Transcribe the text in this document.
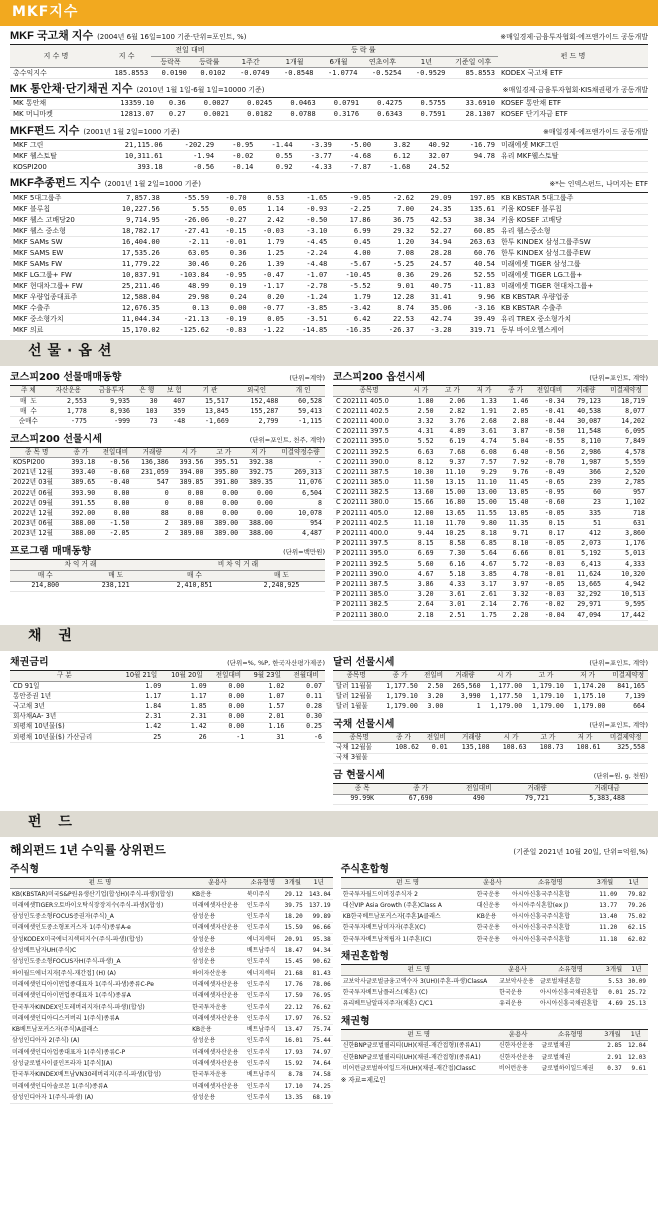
MKF지수
MKF 국고채 지수 (2004년 6월 16일=100 기준·단위=포인트, %)	※매일경제·금융투자협회·에프앤가이드 공동개발
지 수 명	지 수	전일 대비		등 락 률						펀 드 명
		등락폭	등락률	1주간	1개월	6개월	연초이후	1년	기준일 이후	
총수익지수	185.8553	0.0190	0.0102	-0.0749	-0.8548	-1.0774	-0.5254	-0.9529	85.8553	KODEX 국고채 ETF
MK 통안채·단기채권 지수 (2010년 1월 1일-6월 1일=10000 기준)	※매일경제·금융투자협회·KIS채권평가 공동개발
MK 통안채	13359.10	0.36	0.0027	0.0245	0.0463	0.0791	0.4275	0.5755	33.6910	KOSEF 통안채 ETF
MK 머니마켓	12813.07	0.27	0.0021	0.0182	0.0788	0.3176	0.6343	0.7591	28.1307	KOSEF 단기자금 ETF
MKF펀드 지수 (2001년 1월 2일=1000 기준)	※매일경제·에프앤가이드 공동개발
MKF 그린	21,115.06	-202.29	-0.95	-1.44	-3.39	-5.00	3.82	40.92	-16.79	미래에셋 MKF그린
MKF 웰스토탈	10,311.61	-1.94	-0.02	0.55	-3.77	-4.68	6.12	32.07	94.78	유리 MKF웰스토탈
KOSPI200	393.18	-0.56	-0.14	0.92	-4.33	-7.87	-1.68	24.52		
MKF추종펀드 지수 (2001년 1월 2일=1000 기준)	※*는 인덱스펀드, 나머지는 ETF
MKF 5대그룹주	7,857.38	-55.59	-0.70	0.53	-1.65	-9.05	-2.62	29.09	197.05	KB KBSTAR 5대그룹주
MKF 블루칩	10,227.56	5.55	0.05	1.14	-0.93	-2.25	7.00	24.35	135.61	키움 KOSEF 블루칩
MKF 웰스 고배당20	9,714.95	-26.06	-0.27	2.42	-0.50	17.86	36.75	42.53	38.34	키움 KOSEF 고배당
MKF 웰스 중소형	18,782.17	-27.41	-0.15	-0.03	-3.10	6.99	29.32	52.27	60.85	유리 웰스중소형
MKF SAMs SW	16,404.00	-2.11	-0.01	1.79	-4.45	0.45	1.20	34.94	263.63	한투 KINDEX 삼성그룹주SW
MKF SAMS EW	17,535.26	63.05	0.36	1.25	-2.24	4.00	7.08	28.28	60.76	한투 KINDEX 삼성그룹주EW
MKF SAMs FW	11,779.22	30.46	0.26	1.39	-4.48	-5.67	-5.25	24.57	40.54	미래에셋 TIGER 삼성그룹
MKF LG그룹+ FW	10,837.91	-103.84	-0.95	-0.47	-1.07	-10.45	0.36	29.26	52.55	미래에셋 TIGER LG그룹+
MKF 현대차그룹+ FW	25,211.46	48.99	0.19	-1.17	-2.78	-5.52	9.01	40.75	-11.83	미래에셋 TIGER 현대차그룹+
MKF 우량업종대표주	12,588.04	29.98	0.24	0.20	-1.24	1.79	12.28	31.41	9.96	KB KBSTAR 우량업종
MKF 수출주	12,676.35	0.13	0.00	-0.77	-3.85	-3.42	8.74	35.06	-3.16	KB KBSTAR 수출주
MKF 중소형가치	11,044.34	-21.13	-0.19	0.05	-3.51	6.42	22.53	42.74	39.49	유리 TREX 중소형가치
MKF 의료	15,170.02	-125.62	-0.83	-1.22	-14.85	-16.35	-26.37	-3.28	319.71	동부 바이오헬스케어
선물·옵션
코스피200 선물매매동향	(단위=계약)
주 체	자산운용	금융투자	은 행	보 험	기 관	외국인	개 인
매 도	2,553	9,935	30	407	15,517	152,488	60,528
매 수	1,778	8,936	103	359	13,845	155,287	59,413
순매수	-775	-999	73	-48	-1,669	2,799	-1,115
코스피200 선물시세	(단위=포인트, 천주, 계약)
종 목 명	종 가	전일대비	거래량	시 가	고 가	저 가	미결약정수량
KOSPI200	393.18	-0.56	136,386	393.56	395.51	392.38	-
2021년 12월	393.40	-0.60	231,059	394.00	395.80	392.75	269,313
2022년 03월	389.65	-0.40	547	389.85	391.80	389.35	11,076
2022년 06월	393.90	0.00	0	0.00	0.00	0.00	6,504
2022년 09월	391.55	0.00	0	0.00	0.00	0.00	8
2022년 12월	392.00	0.00	88	0.00	0.00	0.00	10,078
2023년 06월	388.00	-1.50	2	389.00	389.00	388.00	954
2023년 12월	388.00	-2.05	2	389.00	389.00	388.00	4,487
프로그램 매매동향	(단위=백만원)
차 익 거 래		비 차 익 거 래	
매 수	매 도	매 수	매 도
214,800	238,121	2,410,851	2,248,925
코스피200 옵션시세	(단위=포인트, 계약)
종목명	시 가	고 가	저 가	종 가	전일대비	거래량	미결제약정
C 202111 405.0	1.80	2.06	1.33	1.46	-0.34	79,123	18,719
C 202111 402.5	2.50	2.82	1.91	2.05	-0.41	40,538	8,077
C 202111 400.0	3.32	3.76	2.68	2.88	-0.44	30,087	14,202
C 202111 397.5	4.31	4.89	3.61	3.87	-0.50	11,548	6,095
C 202111 395.0	5.52	6.19	4.74	5.04	-0.55	8,110	7,849
C 202111 392.5	6.63	7.68	6.08	6.40	-0.56	2,986	4,578
C 202111 390.0	8.12	9.37	7.57	7.92	-0.70	1,987	5,559
C 202111 387.5	10.30	11.10	9.29	9.76	-0.49	366	2,520
C 202111 385.0	11.50	13.15	11.10	11.45	-0.65	239	2,785
C 202111 382.5	13.60	15.00	13.00	13.05	-0.95	60	957
C 202111 380.0	15.66	16.80	15.00	15.40	-0.60	23	1,102
P 202111 405.0	12.00	13.65	11.55	13.05	-0.05	335	718
P 202111 402.5	11.10	11.70	9.80	11.35	0.15	51	631
P 202111 400.0	9.44	10.25	8.18	9.71	0.17	412	3,860
P 202111 397.5	8.15	8.58	6.85	8.10	-0.05	2,073	1,176
P 202111 395.0	6.69	7.30	5.64	6.66	0.01	5,192	5,013
P 202111 392.5	5.60	6.16	4.67	5.72	-0.03	6,413	4,333
P 202111 390.0	4.67	5.18	3.85	4.78	-0.01	11,624	10,320
P 202111 387.5	3.86	4.33	3.17	3.97	-0.05	13,665	4,942
P 202111 385.0	3.20	3.61	2.61	3.32	-0.03	32,292	10,513
P 202111 382.5	2.64	3.01	2.14	2.76	-0.02	29,971	9,595
P 202111 380.0	2.18	2.51	1.75	2.28	-0.04	47,094	17,442
채 권
채권금리	(단위=%, %P, 한국자산평가제공)
구 분	10월 21일	10월 20일	전일대비	9월 23일	전월대비
CD 91일	1.09	1.09	0.00	1.02	0.07
통안증권 1년	1.17	1.17	0.00	1.07	0.11
국고채 3년	1.84	1.85	0.00	1.57	0.28
회사채AA- 3년	2.31	2.31	0.00	2.01	0.30
외평채 10년물($)	1.42	1.42	0.00	1.16	0.25
외평채 10년물($) 가산금리	25	26	-1	31	-6
달러 선물시세	(단위=포인트, 계약)
종목명	종 가	전일비	거래량	시 가	고 가	저 가	미결제약정
달러 11월물	1,177.50	2.50	265,560	1,177.00	1,179.10	1,174.20	841,165
달러 12월물	1,179.10	3.20	3,990	1,177.50	1,179.10	1,175.10	7,139
달러 1월물	1,179.00	3.00	1	1,179.00	1,179.00	1,179.00	664
국채 선물시세	(단위=포인트, 계약)
종목명	종 가	전일비	거래량	시 가	고 가	저 가	미결제약정
국채 12월물	108.62	0.01	135,108	108.63	108.73	108.61	325,558
국채 3월물							
금 현물시세	(단위=원, g, 천원)
종 목	종 가	전일대비	거래량	거래대금
99.99K	67,690	490	79,721	5,383,488
펀 드
해외펀드 1년 수익률 상위펀드	(기준일 2021년 10월 20일, 단위=억원,%)
주식형
펀 드 명	운용사	소유형명	3개월	1년
KB(KBSTAR)미국S&P원유생산기업(합성H)(주식-파생)(합성)	KB운용	북미주식	29.12	143.04
미래에셋TIGER오토바이오탁식장장지수(주식-파생)(합성)	미래에셋자산운용	인도주식	39.75	137.19
삼성인도중소형FOCUS증권자(주식)_A	삼성운용	인도주식	18.20	99.89
미래에셋인도중소형포커스자 1(주식)종류A-e	미래에셋자산운용	인도주식	15.59	96.66
삼성KODEX미국에너지섹터지수(주식-파생)(합성)	삼성운용	에너지섹터	20.91	95.38
삼성베트남자UH(주식)C	삼성운용	베트남주식	18.47	94.34
삼성인도중소형FOCUS자H(주식-파생)_A	삼성운용	인도주식	15.45	90.62
하이월드에너지자[주식-재간접] (H) (A)	하이자산운용	에너지섹터	21.68	81.43
미래에셋인디아이먼업종대표자 1(주식-파생)종류C-Pe	미래에셋자산운용	인도주식	17.76	78.06
미래에셋인디아이먼업종대표자 1(주식)종류A	미래에셋자산운용	인도주식	17.59	76.95
한국투자KINDEX인도레버리지자(주식-파생)(합성)	한국투자운용	인도주식	22.12	76.62
미래에셋인디아디스커버리 1(주식)종류A	미래에셋자산운용	인도주식	17.97	76.52
KB베트남포커스자(주식)A클래스	KB운용	베트남주식	13.47	75.74
삼성인디아자 2(주식) (A)	삼성운용	인도주식	16.01	75.44
미래에셋인디아업종대표자 1(주식)종류C-P	미래에셋자산운용	인도주식	17.93	74.97
삼성글로벌사이클인프라자 1[주식](A)	미래에셋자산운용	인도주식	15.92	74.64
한국투자KINDEX베트남VN30레버리지(주식-파생)(합성)	한국투자운용	베트남주식	8.78	74.58
미래에셋인디아솔로몬 1(주식)종류A	미래에셋자산운용	인도주식	17.10	74.25
삼성인디아자 1(주식-파생) (A)	삼성운용	인도주식	13.35	68.19
주식혼합형
펀 드 명	운용사	소유형명	3개월	1년
한국투자월드이머징주식자 2	한국운용	아시아신흥국주식혼합	11.09	79.82
대신VIP Asia Growth (주혼)Class A	대신운용	아시아주식혼합(ex J)	13.77	79.26
KB한국베트남포커스자[주혼]A클래스	KB운용	아시아신흥국주식혼합	13.40	75.02
한국투자베트남미자자(주혼)(C)	한국운용	아시아신흥국주식혼합	11.20	62.15
한국투자베트남적립자 1(주혼)(C)	한국운용	아시아신흥국주식혼합	11.18	62.02
채권혼합형
펀 드 명	운용사	소유형명	3개월	1년
교보악사글로벌금융고액수자 3(UH)(주혼-파생)ClassA	교보악사운용	글로벌채권혼합	5.53	30.09
한국투자베트남플러스(채혼) (C)	한국운용	아시아신흥국채권혼합	0.01	25.72
유리베트남알파지주자(채혼) C/C1	유리운용	아시아신흥국채권혼합	4.69	25.13
채권형
펀 드 명	운용사	소유형명	3개월	1년
신한BNP글로벌퀄리티(UH)(채권-재간접형)(종류A1)	신한자산운용	글로벌채권	2.85	12.04
신한BNP글로벌퀄리티(UH)(채권-재간접형)(종류A1)	신한자산운용	글로벌채권	2.91	12.03
비어런글로벌하이일드자(UH)(채권-재간접)ClassC	비어런운용	글로벌하이일드채권	0.37	9.61
※ 자료=제로인
